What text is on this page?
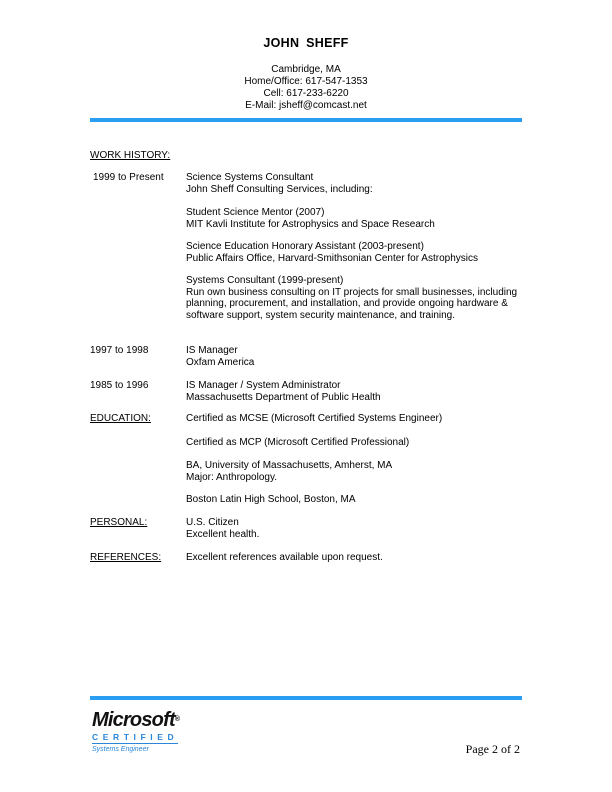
JOHN SHEFF
Cambridge, MA
Home/Office: 617-547-1353
Cell: 617-233-6220
E-Mail: jsheff@comcast.net
WORK HISTORY:
1999 to Present Science Systems Consultant
John Sheff Consulting Services, including:
Student Science Mentor (2007)
MIT Kavli Institute for Astrophysics and Space Research
Science Education Honorary Assistant (2003-present)
Public Affairs Office, Harvard-Smithsonian Center for Astrophysics
Systems Consultant (1999-present)
Run own business consulting on IT projects for small businesses, including
planning, procurement, and installation, and provide ongoing hardware &
software support, system security maintenance, and training.
1997 to 1998	IS Manager
Oxfam America
1985 to 1996	IS Manager / System Administrator
Massachusetts Department of Public Health
EDUCATION:	Certified as MCSE (Microsoft Certified Systems Engineer)
Certified as MCP (Microsoft Certified Professional)
BA, University of Massachusetts, Amherst, MA
Major: Anthropology.
Boston Latin High School, Boston, MA
PERSONAL:	U.S. Citizen
Excellent health.
REFERENCES: Excellent references available upon request.
Microsoft®
CERTIFIED
Systems Engineer	Page 2 of 2
